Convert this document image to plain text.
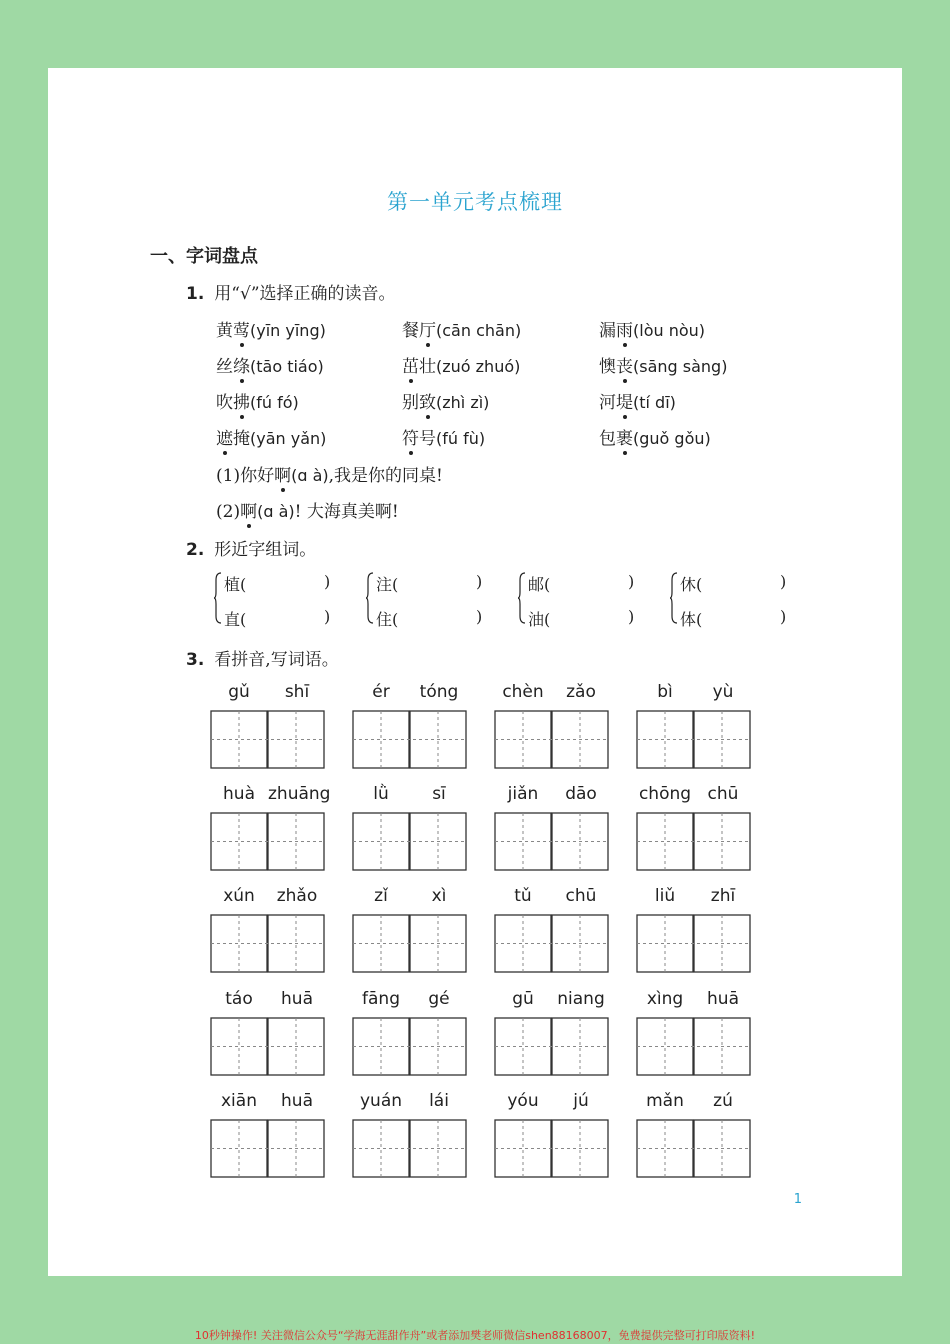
第一单元考点梳理
一、字词盘点
1. 用“√”选择正确的读音。
黄莺(yīn yīng)	餐厅(cān chān)	漏雨(lòu nòu)
丝绦(tāo tiáo)	茁壮(zuó zhuó)	懊丧(sāng sàng)
吹拂(fú fó)	别致(zhì zì)	河堤(tí dī)
遮掩(yān yǎn)	符号(fú fù)	包裹(guǒ gǒu)
(1)你好啊(ɑ à),我是你的同桌!
(2)啊(ɑ à)! 大海真美啊!
2. 形近字组词。
植(	)
直(	)
注(	)
住(	)
邮(	)
油(	)
休(	)
体(	)
3. 看拼音,写词语。
gǔ	shī	ér	tóng	chèn	zǎo	bì	yù
huà zhuāng	lǜ	sī	jiǎn	dāo	chōng chū
xún	zhǎo	zǐ	xì	tǔ	chū	liǔ	zhī
táo	huā	fāng	gé	gū	niang	xìng	huā
xiān	huā	yuán	lái	yóu	jú	mǎn	zú
1
10秒钟操作! 关注微信公众号“学海无涯甜作舟”或者添加樊老师微信shen88168007，免费提供完整可打印版资料!
